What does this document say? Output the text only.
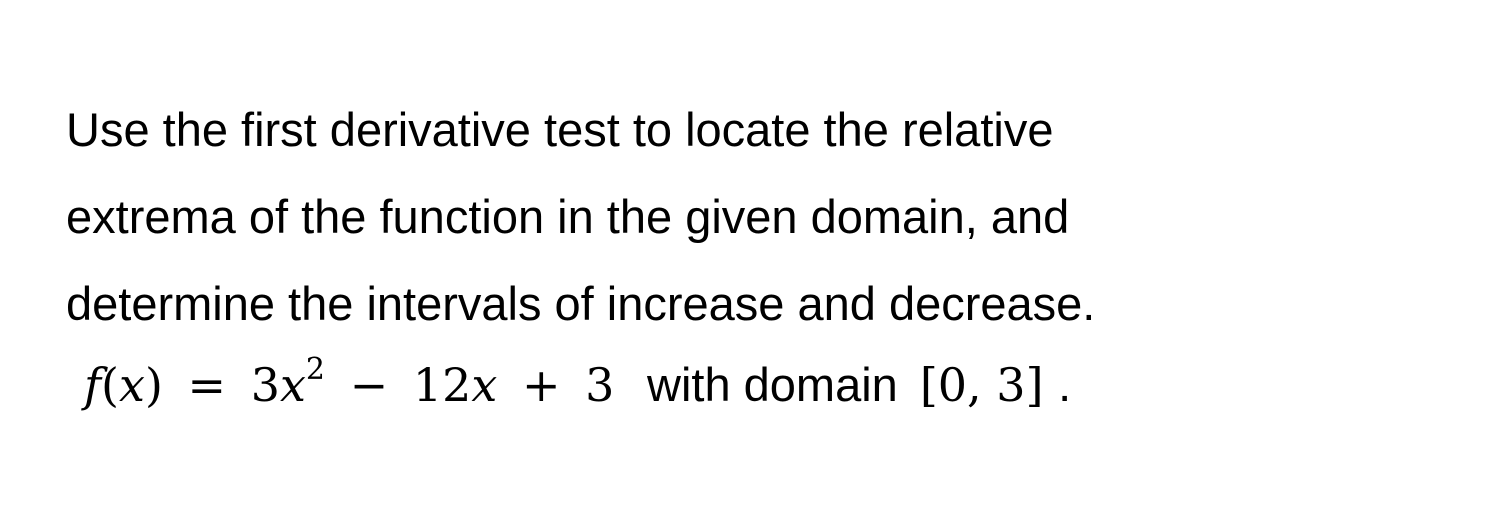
Use the first derivative test to locate the relative
extrema of the function in the given domain, and
determine the intervals of increase and decrease.

$f(x) = 3x^2 - 12x + 3$ with domain [0, 3] .
